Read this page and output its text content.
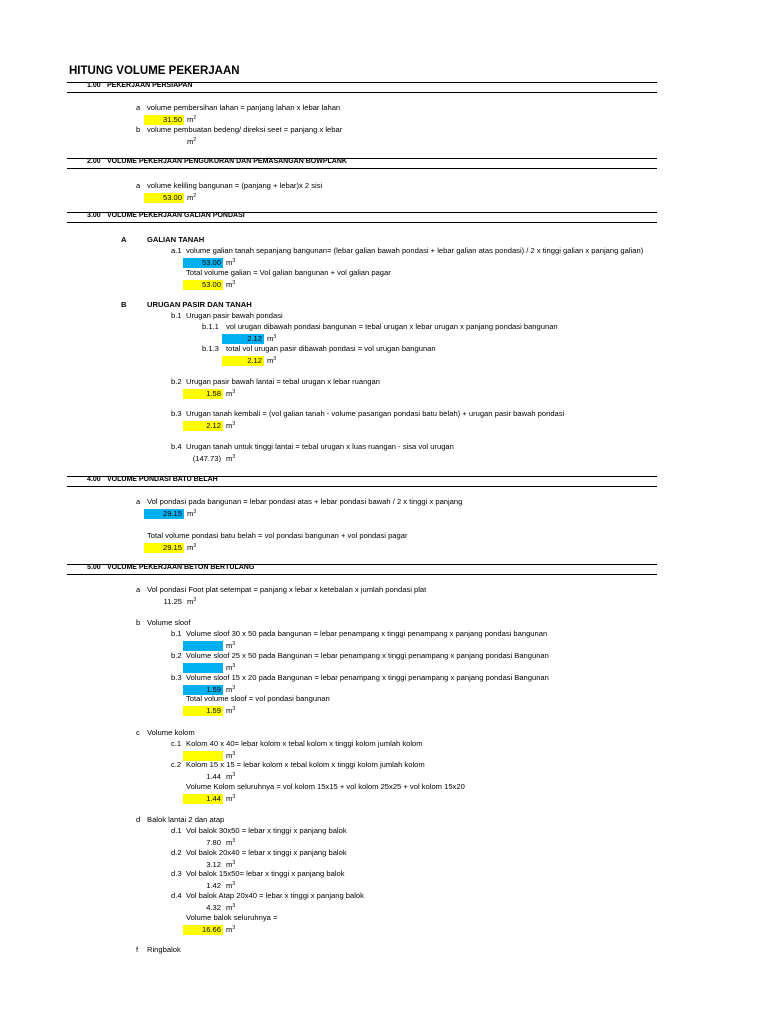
HITUNG VOLUME PEKERJAAN
1.00 PEKERJAAN PERSIAPAN
a volume pembersihan lahan = panjang lahan x lebar lahan
31.50 $m^2$
b volume pembuatan bedeng/ direksi seet = panjang x lebar
$m^2$
2.00 VOLUME PEKERJAAN PENGUKURAN DAN PEMASANGAN BOWPLANK
a volume keliling bangunan = (panjang + lebar)x 2 sisi
53.00 $m^2$
3.00 VOLUME PEKERJAAN GALIAN PONDASI
A	GALIAN TANAH
a.1 volume galian tanah sepanjang bangunan= (lebar galian bawah pondasi + lebar galian atas pondasi) / 2 x tinggi galian x panjang galian)
53.00 $m^3$
Total volume galian = Vol galian bangunan + vol galian pagar
53.00 $m^3$
B	URUGAN PASIR DAN TANAH
b.1 Urugan pasir bawah pondasi
b.1.1 vol urugan dibawah pondasi bangunan = tebal urugan x lebar urugan x panjang pondasi bangunan
2.12 $m^3$
b.1.3 total vol urugan pasir dibawah pondasi = vol urugan bangunan
2.12 $m^3$
b.2 Urugan pasir bawah lantai = tebal urugan x lebar ruangan
1.58 $m^3$
b.3 Urugan tanah kembali = (vol galian tanah - volume pasangan pondasi batu belah) + urugan pasir bawah pondasi
2.12 $m^3$
b.4 Urugan tanah untuk tinggi lantai = tebal urugan x luas ruangan - sisa vol urugan
(147.73) $m^3$
4.00 VOLUME PONDASI BATU BELAH
a Vol pondasi pada bangunan = lebar pondasi atas + lebar pondasi bawah / 2 x tinggi x panjang
29.15 $m^3$
Total volume pondasi batu belah = vol pondasi bangunan + vol pondasi pagar
29.15 $m^3$
5.00 VOLUME PEKERJAAN BETON BERTULANG
a Vol pondasi Foot plat setempat = panjang x lebar x ketebalan x jumlah pondasi plat
11.25 $m^3$
b Volume sloof
b.1 Volume sloof 30 x 50 pada bangunan = lebar penampang x tinggi penampang x panjang pondasi bangunan
$m^3$
b.2 Volume sloof 25 x 50 pada Bangunan = lebar penampang x tinggi penampang x panjang pondasi Bangunan
$m^3$
b.3 Volume sloof 15 x 20 pada Bangunan = lebar penampang x tinggi penampang x panjang pondasi Bangunan
1.59 $m^3$
Total volume sloof = vol pondasi bangunan
1.59 $m^3$
c Volume kolom
c.1 Kolom 40 x 40= lebar kolom x tebal kolom x tinggi kolom jumlah kolom
$m^3$
c.2 Kolom 15 x 15 = lebar kolom x tebal kolom x tinggi kolom jumlah kolom
1.44 $m^3$
Volume Kolom seluruhnya = vol kolom 15x15 + vol kolom 25x25 + vol kolom 15x20
1.44 $m^3$
d Balok lantai 2 dan atap
d.1 Vol balok 30x50 = lebar x tinggi x panjang balok
7.80 $m^3$
d.2 Vol balok 20x40 = lebar x tinggi x panjang balok
3.12 $m^3$
d.3 Vol balok 15x50= lebar x tinggi x panjang balok
1.42 $m^3$
d.4 Vol balok Atap 20x40 = lebar x tinggi x panjang balok
4.32 $m^3$
Volume balok seluruhnya =
16.66 $m^3$
f Ringbalok
